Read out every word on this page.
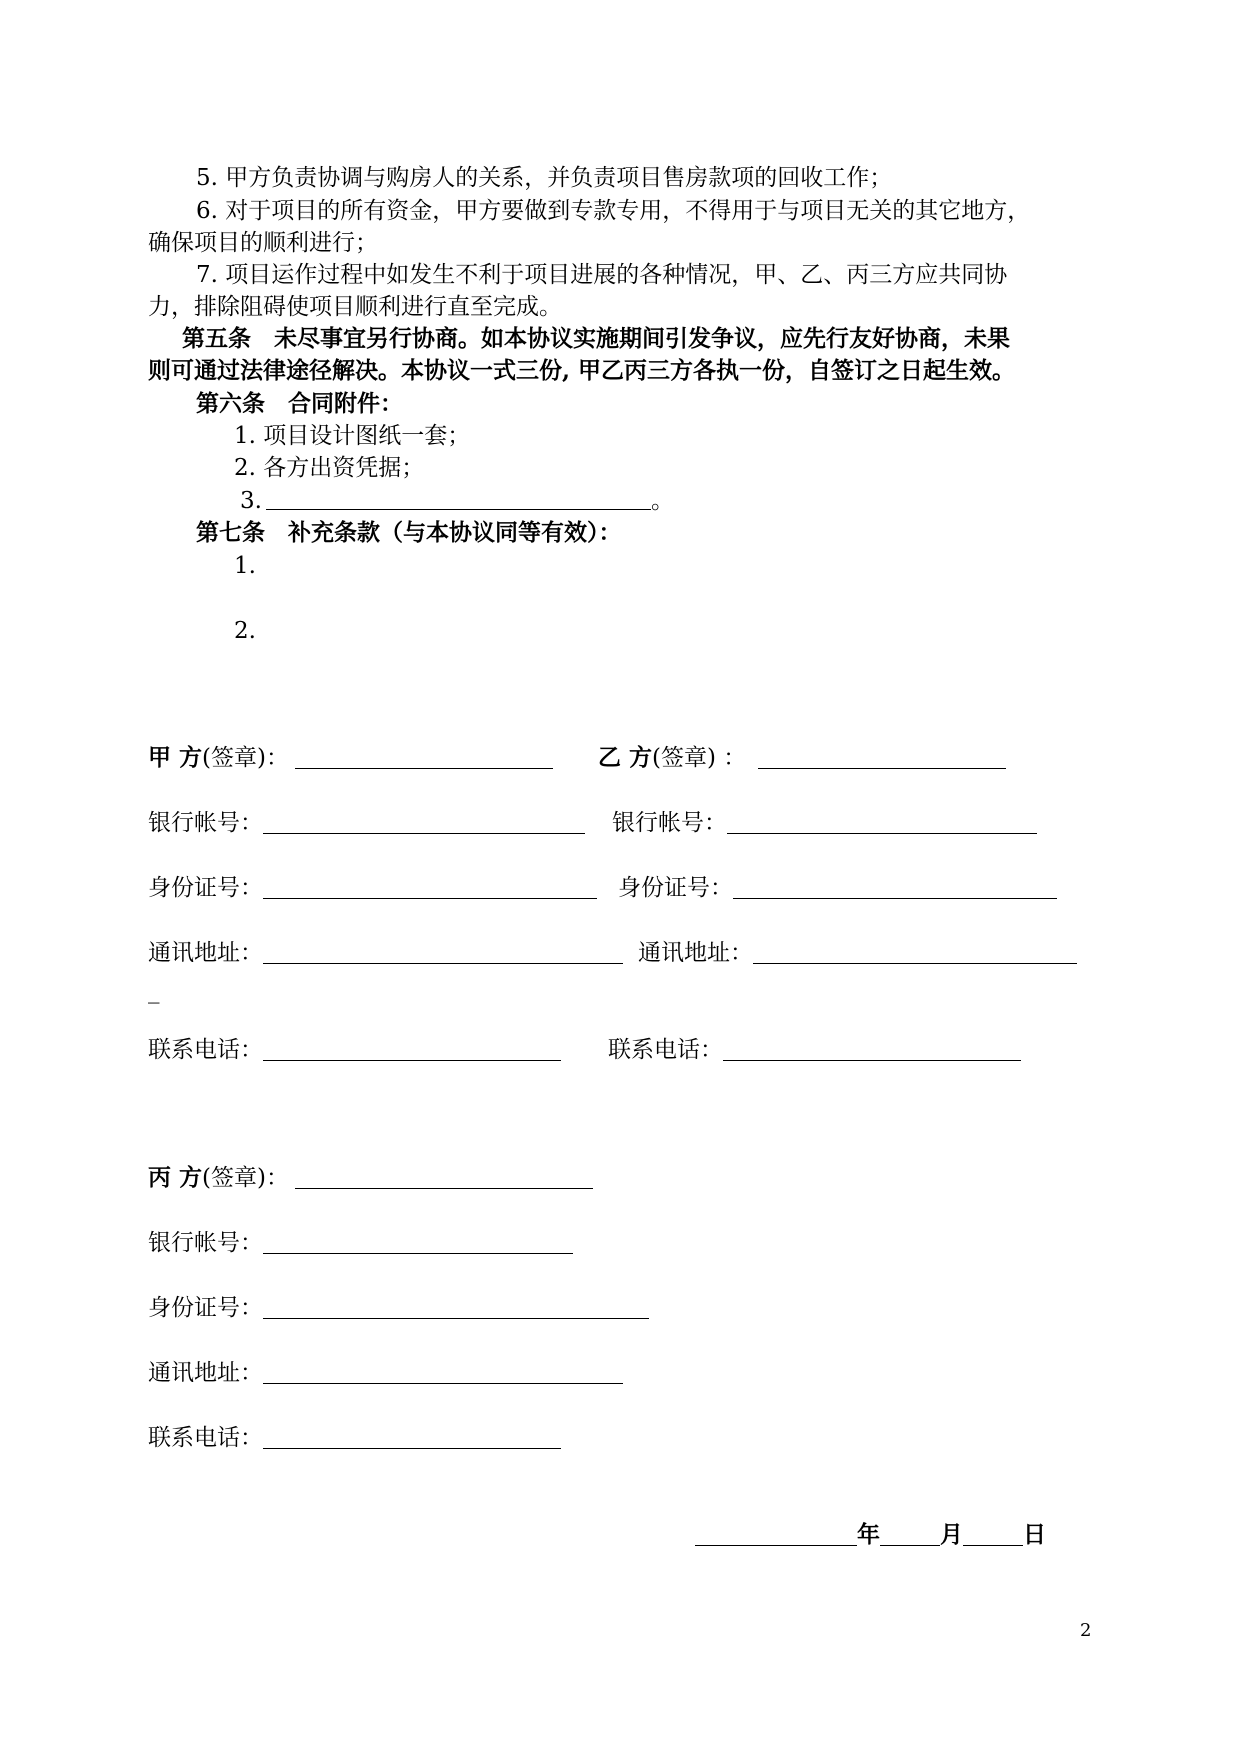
5. 甲方负责协调与购房人的关系，并负责项目售房款项的回收工作；
6. 对于项目的所有资金，甲方要做到专款专用，不得用于与项目无关的其它地方，
确保项目的顺利进行；
7. 项目运作过程中如发生不利于项目进展的各种情况，甲、乙、丙三方应共同协
力，排除阻碍使项目顺利进行直至完成。
第五条　未尽事宜另行协商。如本协议实施期间引发争议，应先行友好协商，未果
则可通过法律途径解决。本协议一式三份, 甲乙丙三方各执一份，自签订之日起生效。
第六条　合同附件：
1. 项目设计图纸一套；
2. 各方出资凭据；
3.	。
第七条　补充条款（与本协议同等有效）：
1.
2.
甲 方 (签章)：	乙 方 (签章) ：
银行帐号：	银行帐号：
身份证号：	身份证号：
通讯地址：	通讯地址：
_
联系电话：	联系电话：
丙 方 (签章)：
银行帐号：
身份证号：
通讯地址：
联系电话：
年	月	日
2
